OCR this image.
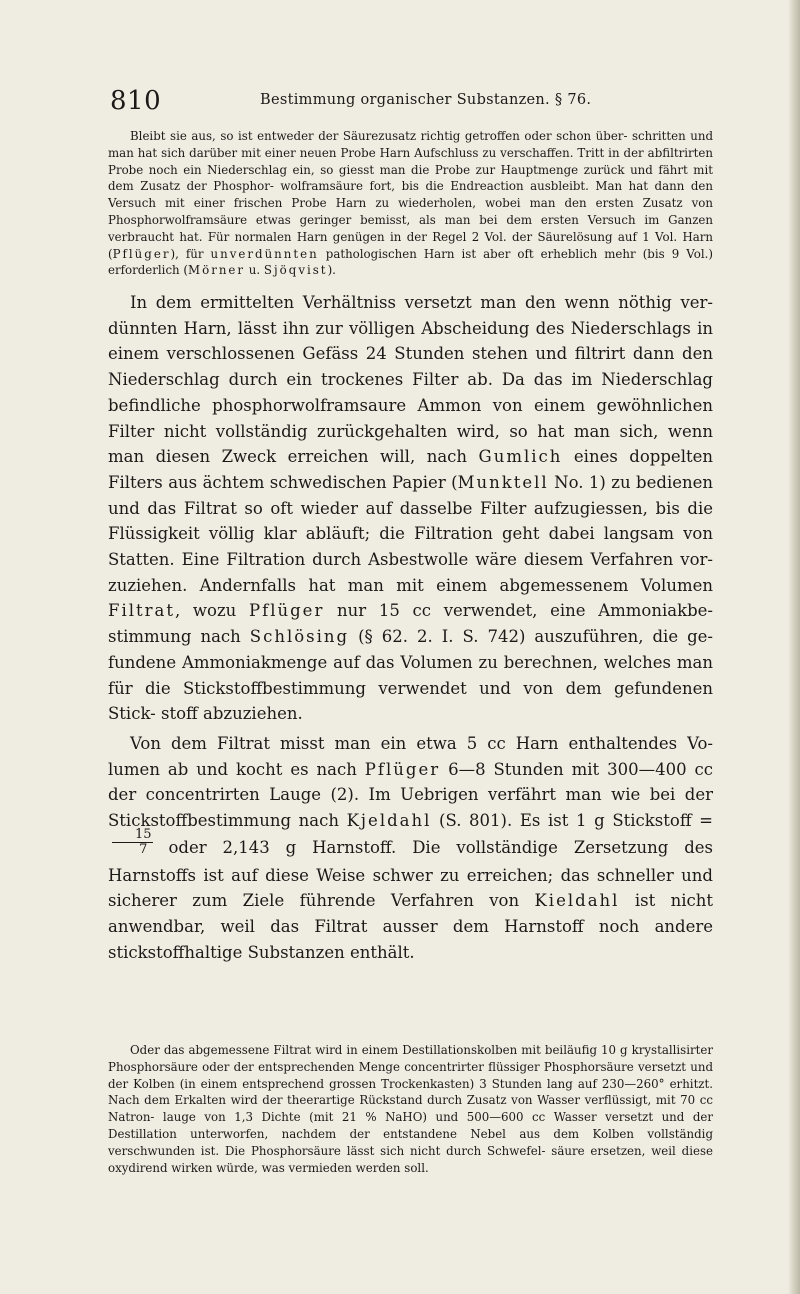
810	Bestimmung organischer Substanzen. § 76.

Bleibt sie aus, so ist entweder der Säurezusatz richtig getroffen oder schon über- schritten und man hat sich darüber mit einer neuen Probe Harn Aufschluss zu verschaffen. Tritt in der abfiltrirten Probe noch ein Niederschlag ein, so giesst man die Probe zur Hauptmenge zurück und fährt mit dem Zusatz der Phosphor- wolframsäure fort, bis die Endreaction ausbleibt. Man hat dann den Versuch mit einer frischen Probe Harn zu wiederholen, wobei man den ersten Zusatz von Phosphorwolframsäure etwas geringer bemisst, als man bei dem ersten Versuch im Ganzen verbraucht hat. Für normalen Harn genügen in der Regel 2 Vol. der Säurelösung auf 1 Vol. Harn (Pflüger), für unverdünnten pathologischen Harn ist aber oft erheblich mehr (bis 9 Vol.) erforderlich (Mörner u. Sjöqvist).

In dem ermittelten Verhältniss versetzt man den wenn nöthig ver- dünnten Harn, lässt ihn zur völligen Abscheidung des Niederschlags in einem verschlossenen Gefäss 24 Stunden stehen und filtrirt dann den Niederschlag durch ein trockenes Filter ab. Da das im Niederschlag befindliche phosphorwolframsaure Ammon von einem gewöhnlichen Filter nicht vollständig zurückgehalten wird, so hat man sich, wenn man diesen Zweck erreichen will, nach Gumlich eines doppelten Filters aus ächtem schwedischen Papier (Munktell No. 1) zu bedienen und das Filtrat so oft wieder auf dasselbe Filter aufzugiessen, bis die Flüssigkeit völlig klar abläuft; die Filtration geht dabei langsam von Statten. Eine Filtration durch Asbestwolle wäre diesem Verfahren vor- zuziehen. Andernfalls hat man mit einem abgemessenem Volumen Filtrat, wozu Pflüger nur 15 cc verwendet, eine Ammoniakbe- stimmung nach Schlösing (§ 62. 2. I. S. 742) auszuführen, die ge- fundene Ammoniakmenge auf das Volumen zu berechnen, welches man für die Stickstoffbestimmung verwendet und von dem gefundenen Stick- stoff abzuziehen.

Von dem Filtrat misst man ein etwa 5 cc Harn enthaltendes Vo- lumen ab und kocht es nach Pflüger 6—8 Stunden mit 300—400 cc der concentrirten Lauge (2). Im Uebrigen verfährt man wie bei der Stickstoffbestimmung nach Kjeldahl (S. 801). Es ist 1 g Stickstoff =
$\frac{15}{7}$ oder 2,143 g Harnstoff. Die vollständige Zersetzung des Harnstoffs ist auf diese Weise schwer zu erreichen; das schneller und sicherer zum Ziele führende Verfahren von Kieldahl ist nicht anwendbar, weil das Filtrat ausser dem Harnstoff noch andere stickstoffhaltige Substanzen enthält.

Oder das abgemessene Filtrat wird in einem Destillationskolben mit beiläufig 10 g krystallisirter Phosphorsäure oder der entsprechenden Menge concentrirter flüssiger Phosphorsäure versetzt und der Kolben (in einem entsprechend grossen Trockenkasten) 3 Stunden lang auf 230—260° erhitzt. Nach dem Erkalten wird der theerartige Rückstand durch Zusatz von Wasser verflüssigt, mit 70 cc Natron- lauge von 1,3 Dichte (mit 21 % NaHO) und 500—600 cc Wasser versetzt und der Destillation unterworfen, nachdem der entstandene Nebel aus dem Kolben vollständig verschwunden ist. Die Phosphorsäure lässt sich nicht durch Schwefel- säure ersetzen, weil diese oxydirend wirken würde, was vermieden werden soll.
